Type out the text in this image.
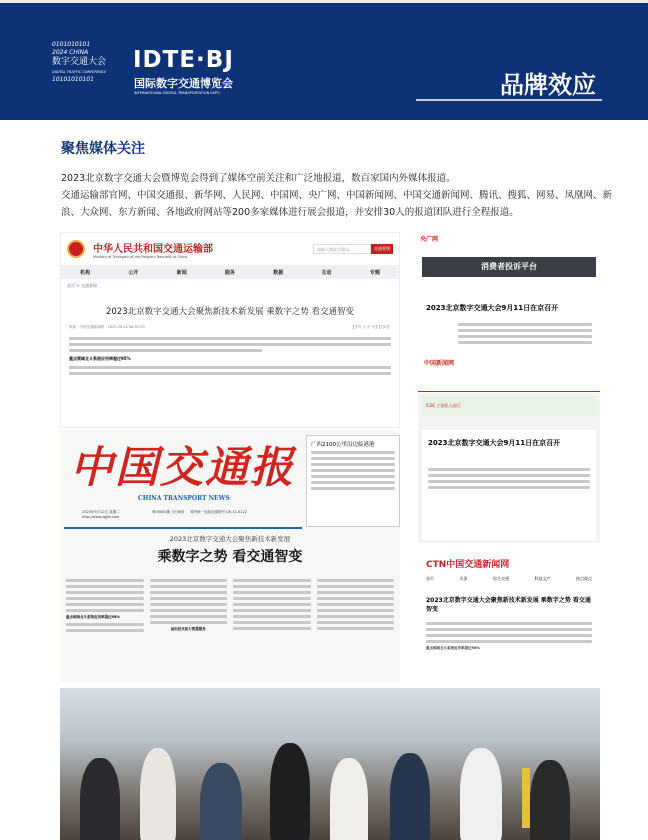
0101010101
2024 CHINA
数字交通大会
DIGITAL TRAFFIC CONFERENCE
10101010101
IDTE·BJ
国际数字交通博览会
INTERNATIONAL DIGITAL TRANSPORTATION EXPO	品牌效应
聚焦媒体关注

2023北京数字交通大会暨博览会得到了媒体空前关注和广泛地报道，数百家国内外媒体报道。

交通运输部官网、中国交通报、新华网、人民网、中国网、央广网、中国新闻网、中国交通新闻网、腾讯、搜狐、网易、凤凰网、新浪、大众网、东方新闻、各地政府网站等200多家媒体进行展会报道，并安排30人的报道团队进行全程报道。

中华人民共和国交通运输部
Ministry of Transport of the People's Republic of China
请输入搜索关键词...	交通智搜
机构	公开	新闻	服务	数据	互动	专题
首页 > 交通要闻
2023北京数字交通大会聚焦新技术新发展 乘数字之势 看交通智变
来源：中国交通新闻网　2023-09-12 08:51:53	【字号 大 中 小】【打印】
重点领域北斗系统应用率超过95%
中国交通报
CHINA TRANSPORT NEWS
2023年9月12日 星期二
http://www.zgjtb.com
第00000期 今日8版 国内统一连续出版物号 CN 11-0122
广西2100公里沿边临港港
2023北京数字交通大会聚焦新技术新发展
乘数字之势 看交通智变
重点领域北斗系统应用率超过95%
前沿技术助力智慧服务
央广网
消费者投诉平台
2023北京数字交通大会9月11日在京召开
中国新闻网
ICBC 工银私人银行
2023北京数字交通大会9月11日在京召开
CTN中国交通新闻网
首页	头条	综合交通	科技文产	热点视点
2023北京数字交通大会聚焦新技术新发展 乘数字之势 看交通智变
重点领域北斗系统应用率超过95%
